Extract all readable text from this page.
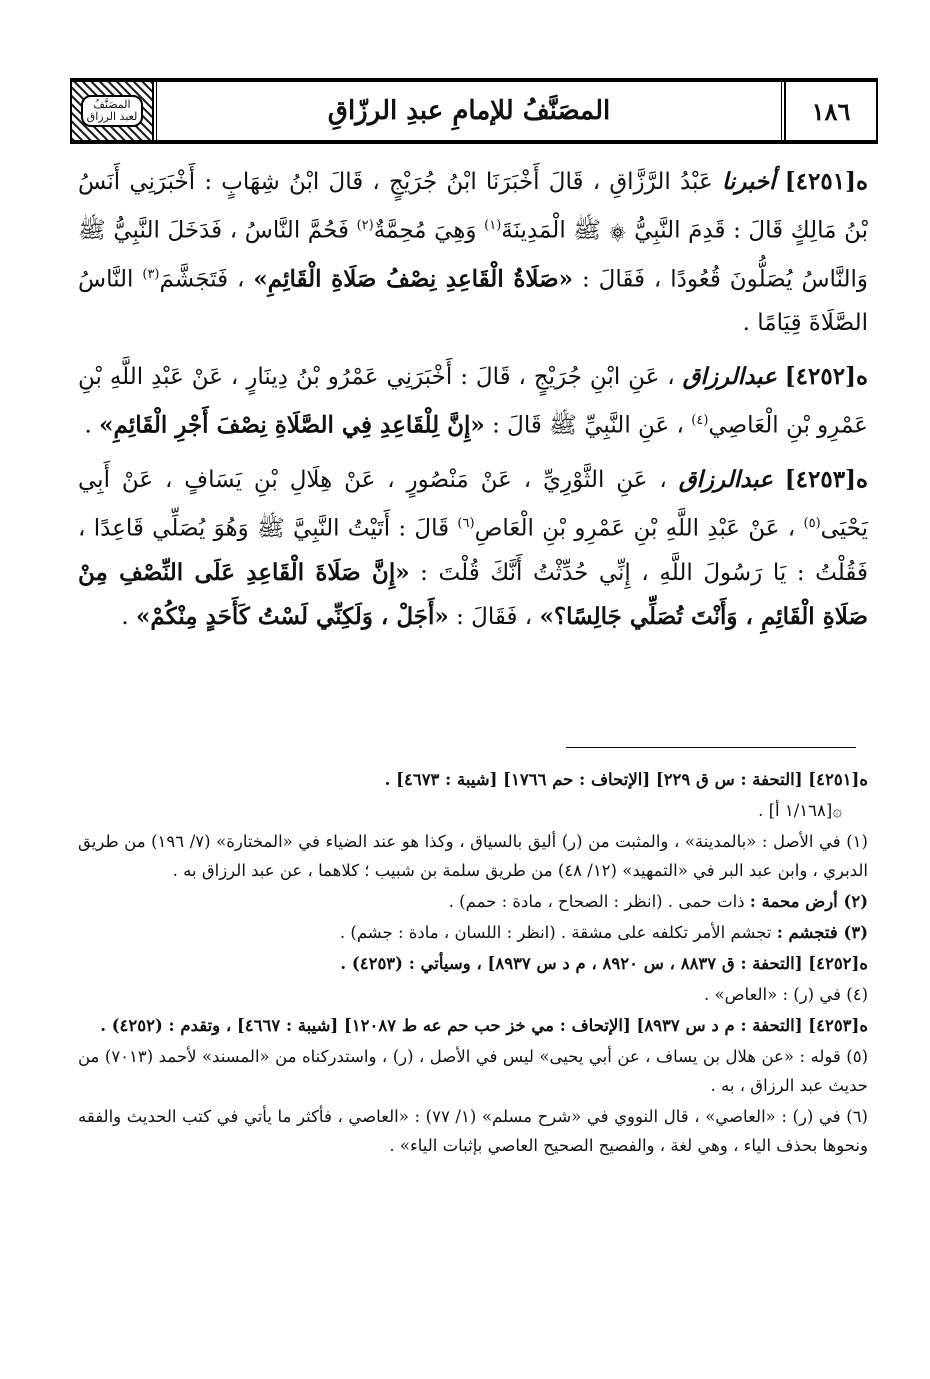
المصَنَّفُ
لعبد الرزاق	المصَنَّفُ للإمامِ عبدِ الرزّاقِ	١٨٦

ه[٤٢٥١] أخبرنا عَبْدُ الرَّزَّاقِ ، قَالَ أَخْبَرَنَا ابْنُ جُرَيْجٍ ، قَالَ ابْنُ شِهَابٍ : أَخْبَرَنِي أَنَسُ بْنُ مَالِكٍ قَالَ : قَدِمَ النَّبِيُّ ۞ ﷺ الْمَدِينَةَ$^{(١)}$ وَهِيَ مُحِمَّةٌ$^{(٢)}$ فَحُمَّ النَّاسُ ، فَدَخَلَ النَّبِيُّ ﷺ وَالنَّاسُ يُصَلُّونَ قُعُودًا ، فَقَالَ : «صَلَاةُ الْقَاعِدِ نِصْفُ صَلَاةِ الْقَائِمِ» ، فَتَجَشَّمَ$^{(٣)}$ النَّاسُ الصَّلَاةَ قِيَامًا .

ه[٤٢٥٢] عبدالرزاق ، عَنِ ابْنِ جُرَيْجٍ ، قَالَ : أَخْبَرَنِي عَمْرُو بْنُ دِينَارٍ ، عَنْ عَبْدِ اللَّهِ بْنِ عَمْرِو بْنِ الْعَاصِي$^{(٤)}$ ، عَنِ النَّبِيِّ ﷺ قَالَ : «إِنَّ لِلْقَاعِدِ فِي الصَّلَاةِ نِصْفَ أَجْرِ الْقَائِمِ» .

ه[٤٢٥٣] عبدالرزاق ، عَنِ الثَّوْرِيِّ ، عَنْ مَنْصُورٍ ، عَنْ هِلَالِ بْنِ يَسَافٍ ، عَنْ أَبِي يَحْيَى$^{(٥)}$ ، عَنْ عَبْدِ اللَّهِ بْنِ عَمْرِو بْنِ الْعَاصِ$^{(٦)}$ قَالَ : أَتَيْتُ النَّبِيَّ ﷺ وَهُوَ يُصَلِّي قَاعِدًا ، فَقُلْتُ : يَا رَسُولَ اللَّهِ ، إِنِّي حُدِّثْتُ أَنَّكَ قُلْتَ : «إِنَّ صَلَاةَ الْقَاعِدِ عَلَى النِّصْفِ مِنْ صَلَاةِ الْقَائِمِ ، وَأَنْتَ تُصَلِّي جَالِسًا؟» ، فَقَالَ : «أَجَلْ ، وَلَكِنِّي لَسْتُ كَأَحَدٍ مِنْكُمْ» .

ه[٤٢٥١] [التحفة : س ق ٢٢٩] [الإتحاف : حم ١٧٦٦] [شيبة : ٤٦٧٣] .

۞[١/١٦٨ أ] .

(١) في الأصل : «بالمدينة» ، والمثبت من (ر) أليق بالسياق ، وكذا هو عند الضياء في «المختارة» (٧/ ١٩٦) من طريق الدبري ، وابن عبد البر في «التمهيد» (١٢/ ٤٨) من طريق سلمة بن شبيب ؛ كلاهما ، عن عبد الرزاق به .

(٢) أرض محمة : ذات حمى . (انظر : الصحاح ، مادة : حمم) .

(٣) فتجشم : تجشم الأمر تكلفه على مشقة . (انظر : اللسان ، مادة : جشم) .

ه[٤٢٥٢] [التحفة : ق ٨٨٣٧ ، س ٨٩٢٠ ، م د س ٨٩٣٧] ، وسيأتي : (٤٢٥٣) .

(٤) في (ر) : «العاص» .

ه[٤٢٥٣] [التحفة : م د س ٨٩٣٧] [الإتحاف : مي خز حب حم عه ط ١٢٠٨٧] [شيبة : ٤٦٦٧] ، وتقدم : (٤٢٥٢) .

(٥) قوله : «عن هلال بن يساف ، عن أبي يحيى» ليس في الأصل ، (ر) ، واستدركناه من «المسند» لأحمد (٧٠١٣) من حديث عبد الرزاق ، به .

(٦) في (ر) : «العاصي» ، قال النووي في «شرح مسلم» (١/ ٧٧) : «العاصي ، فأكثر ما يأتي في كتب الحديث والفقه ونحوها بحذف الياء ، وهي لغة ، والفصيح الصحيح العاصي بإثبات الياء» .
